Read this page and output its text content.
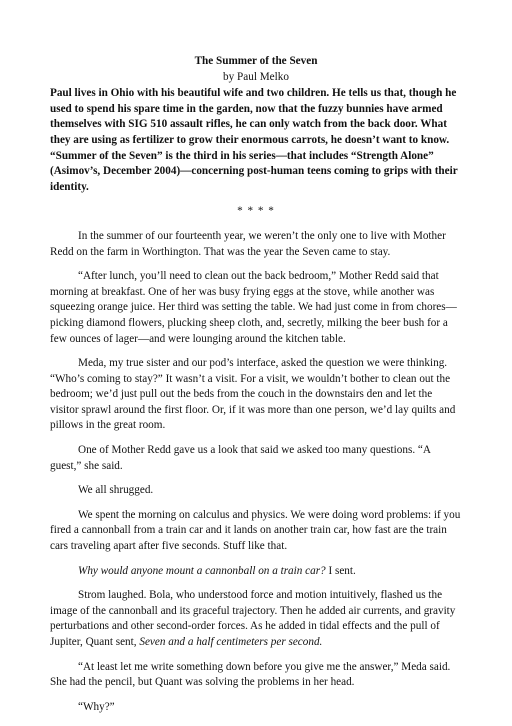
The Summer of the Seven

by Paul Melko

Paul lives in Ohio with his beautiful wife and two children. He tells us that, though he used to spend his spare time in the garden, now that the fuzzy bunnies have armed themselves with SIG 510 assault rifles, he can only watch from the back door. What they are using as fertilizer to grow their enormous carrots, he doesn’t want to know. “Summer of the Seven” is the third in his series—that includes “Strength Alone” (Asimov’s, December 2004)—concerning post-human teens coming to grips with their identity.

* * * *

In the summer of our fourteenth year, we weren’t the only one to live with Mother Redd on the farm in Worthington. That was the year the Seven came to stay.

“After lunch, you’ll need to clean out the back bedroom,” Mother Redd said that morning at breakfast. One of her was busy frying eggs at the stove, while another was squeezing orange juice. Her third was setting the table. We had just come in from chores—picking diamond flowers, plucking sheep cloth, and, secretly, milking the beer bush for a few ounces of lager—and were lounging around the kitchen table.

Meda, my true sister and our pod’s interface, asked the question we were thinking. “Who’s coming to stay?” It wasn’t a visit. For a visit, we wouldn’t bother to clean out the bedroom; we’d just pull out the beds from the couch in the downstairs den and let the visitor sprawl around the first floor. Or, if it was more than one person, we’d lay quilts and pillows in the great room.

One of Mother Redd gave us a look that said we asked too many questions. “A guest,” she said.

We all shrugged.

We spent the morning on calculus and physics. We were doing word problems: if you fired a cannonball from a train car and it lands on another train car, how fast are the train cars traveling apart after five seconds. Stuff like that.

Why would anyone mount a cannonball on a train car? I sent.

Strom laughed. Bola, who understood force and motion intuitively, flashed us the image of the cannonball and its graceful trajectory. Then he added air currents, and gravity perturbations and other second-order forces. As he added in tidal effects and the pull of Jupiter, Quant sent, Seven and a half centimeters per second.

“At least let me write something down before you give me the answer,” Meda said. She had the pencil, but Quant was solving the problems in her head.

“Why?”
